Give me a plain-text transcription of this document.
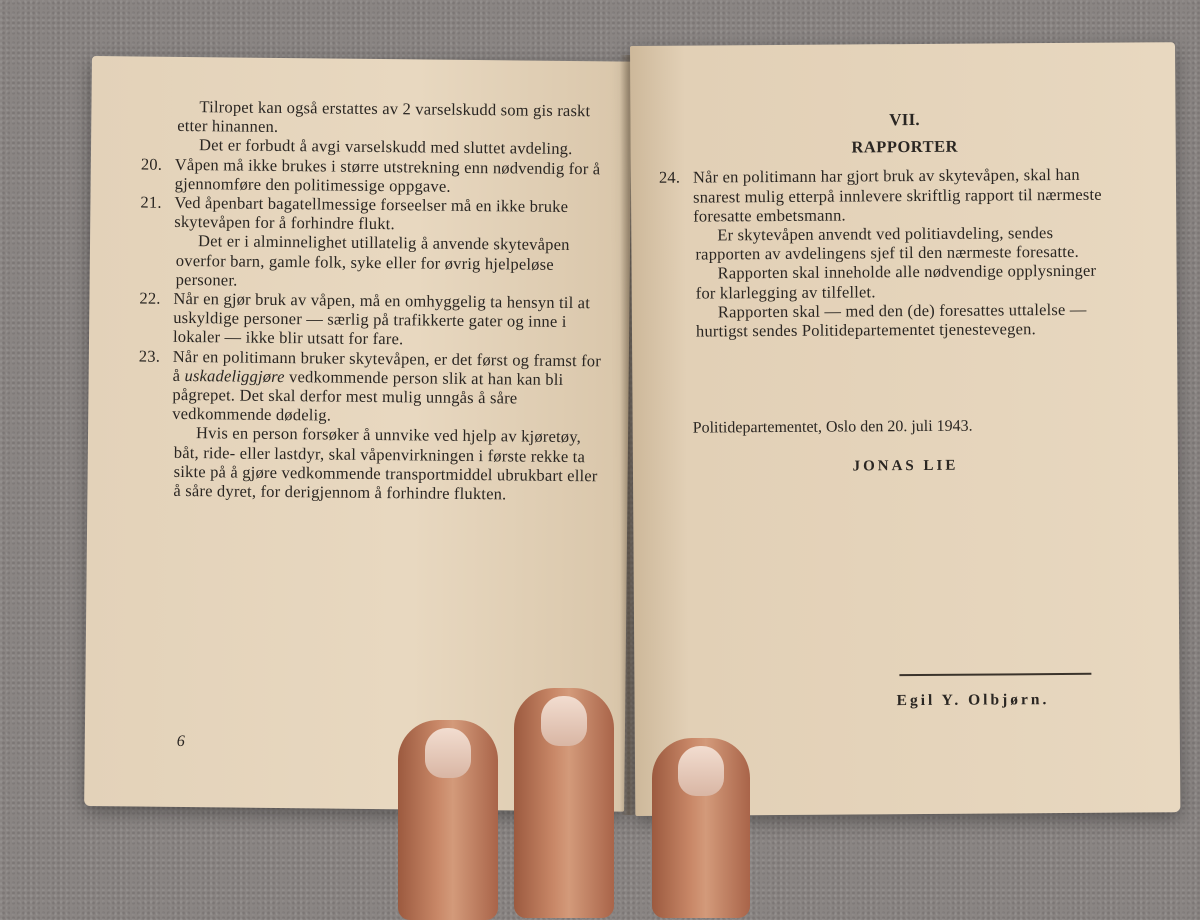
Tilropet kan også erstattes av 2 varselskudd som gis raskt etter hinannen.

Det er forbudt å avgi varselskudd med sluttet avdeling.

20. Våpen må ikke brukes i større utstrekning enn nødvendig for å gjennomføre den politimessige oppgave.
21. Ved åpenbart bagatellmessige forseelser må en ikke bruke skytevåpen for å forhindre flukt.

Det er i alminnelighet utillatelig å anvende skytevåpen overfor barn, gamle folk, syke eller for øvrig hjelpeløse personer.

22. Når en gjør bruk av våpen, må en omhyggelig ta hensyn til at uskyldige personer — særlig på trafikkerte gater og inne i lokaler — ikke blir utsatt for fare.
23. Når en politimann bruker skytevåpen, er det først og framst for å uskadeliggjøre vedkommende person slik at han kan bli pågrepet. Det skal derfor mest mulig unngås å såre vedkommende dødelig.

Hvis en person forsøker å unnvike ved hjelp av kjøretøy, båt, ride- eller lastdyr, skal våpenvirkningen i første rekke ta sikte på å gjøre vedkommende transportmiddel ubrukbart eller å såre dyret, for derigjennom å forhindre flukten.

6

VII.

RAPPORTER

24. Når en politimann har gjort bruk av skytevåpen, skal han snarest mulig etterpå innlevere skriftlig rapport til nærmeste foresatte embetsmann.

Er skytevåpen anvendt ved politiavdeling, sendes rapporten av avdelingens sjef til den nærmeste foresatte.

Rapporten skal inneholde alle nødvendige opplysninger for klarlegging av tilfellet.

Rapporten skal — med den (de) foresattes uttalelse — hurtigst sendes Politidepartementet tjenestevegen.

Politidepartementet, Oslo den 20. juli 1943.
JONAS LIE
Egil Y. Olbjørn.
